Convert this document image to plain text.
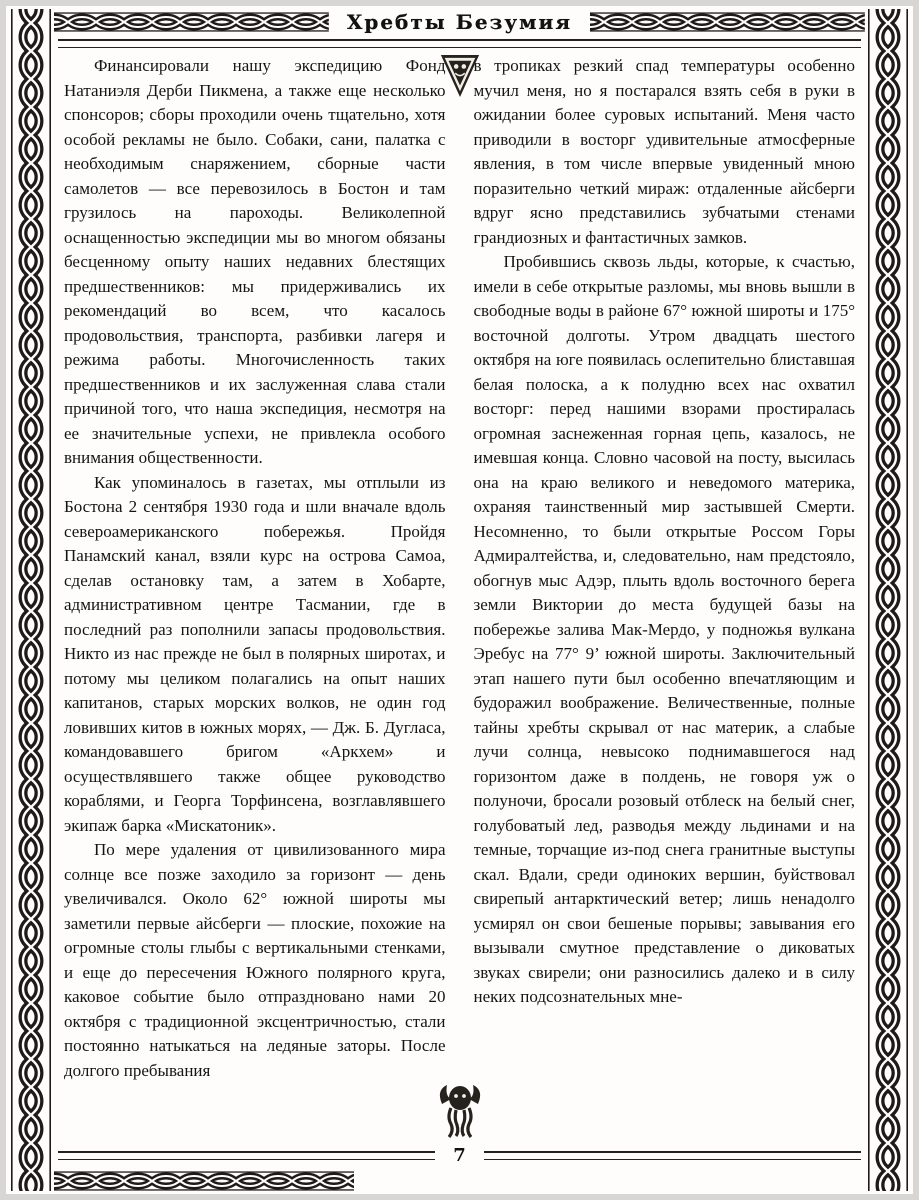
Хребты Безумия

Финансировали нашу экспедицию Фонд Натаниэля Дерби Пикмена, а также еще несколько спонсоров; сборы проходили очень тщательно, хотя особой рекламы не было. Собаки, сани, палатка с необходимым снаряжением, сборные части самолетов — все перевозилось в Бостон и там грузилось на пароходы. Великолепной оснащенностью экспедиции мы во многом обязаны бесценному опыту наших недавних блестящих предшественников: мы придерживались их рекомендаций во всем, что касалось продовольствия, транспорта, разбивки лагеря и режима работы. Многочисленность таких предшественников и их заслуженная слава стали причиной того, что наша экспедиция, несмотря на ее значительные успехи, не привлекла особого внимания общественности.

Как упоминалось в газетах, мы отплыли из Бостона 2 сентября 1930 года и шли вначале вдоль североамериканского побережья. Пройдя Панамский канал, взяли курс на острова Самоа, сделав остановку там, а затем в Хобарте, административном центре Тасмании, где в последний раз пополнили запасы продовольствия. Никто из нас прежде не был в полярных широтах, и потому мы целиком полагались на опыт наших капитанов, старых морских волков, не один год ловивших китов в южных морях, — Дж. Б. Дугласа, командовавшего бригом «Аркхем» и осуществлявшего также общее руководство кораблями, и Георга Торфинсена, возглавлявшего экипаж барка «Мискатоник».

По мере удаления от цивилизованного мира солнце все позже заходило за горизонт — день увеличивался. Около 62° южной широты мы заметили первые айсберги — плоские, похожие на огромные столы глыбы с вертикальными стенками, и еще до пересечения Южного полярного круга, каковое событие было отпраздновано нами 20 октября с традиционной эксцентричностью, стали постоянно натыкаться на ледяные заторы. После долгого пребывания

в тропиках резкий спад температуры особенно мучил меня, но я постарался взять себя в руки в ожидании более суровых испытаний. Меня часто приводили в восторг удивительные атмосферные явления, в том числе впервые увиденный мною поразительно четкий мираж: отдаленные айсберги вдруг ясно представились зубчатыми стенами грандиозных и фантастичных замков.

Пробившись сквозь льды, которые, к счастью, имели в себе открытые разломы, мы вновь вышли в свободные воды в районе 67° южной широты и 175° восточной долготы. Утром двадцать шестого октября на юге появилась ослепительно блиставшая белая полоска, а к полудню всех нас охватил восторг: перед нашими взорами простиралась огромная заснеженная горная цепь, казалось, не имевшая конца. Словно часовой на посту, высилась она на краю великого и неведомого материка, охраняя таинственный мир застывшей Смерти. Несомненно, то были открытые Россом Горы Адмиралтейства, и, следовательно, нам предстояло, обогнув мыс Адэр, плыть вдоль восточного берега земли Виктории до места будущей базы на побережье залива Мак-Мердо, у подножья вулкана Эребус на 77° 9’ южной широты. Заключительный этап нашего пути был особенно впечатляющим и будоражил воображение. Величественные, полные тайны хребты скрывал от нас материк, а слабые лучи солнца, невысоко поднимавшегося над горизонтом даже в полдень, не говоря уж о полуночи, бросали розовый отблеск на белый снег, голубоватый лед, разводья между льдинами и на темные, торчащие из-под снега гранитные выступы скал. Вдали, среди одиноких вершин, буйствовал свирепый антарктический ветер; лишь ненадолго усмирял он свои бешеные порывы; завывания его вызывали смутное представление о диковатых звуках свирели; они разносились далеко и в силу неких подсознательных мне-

7
